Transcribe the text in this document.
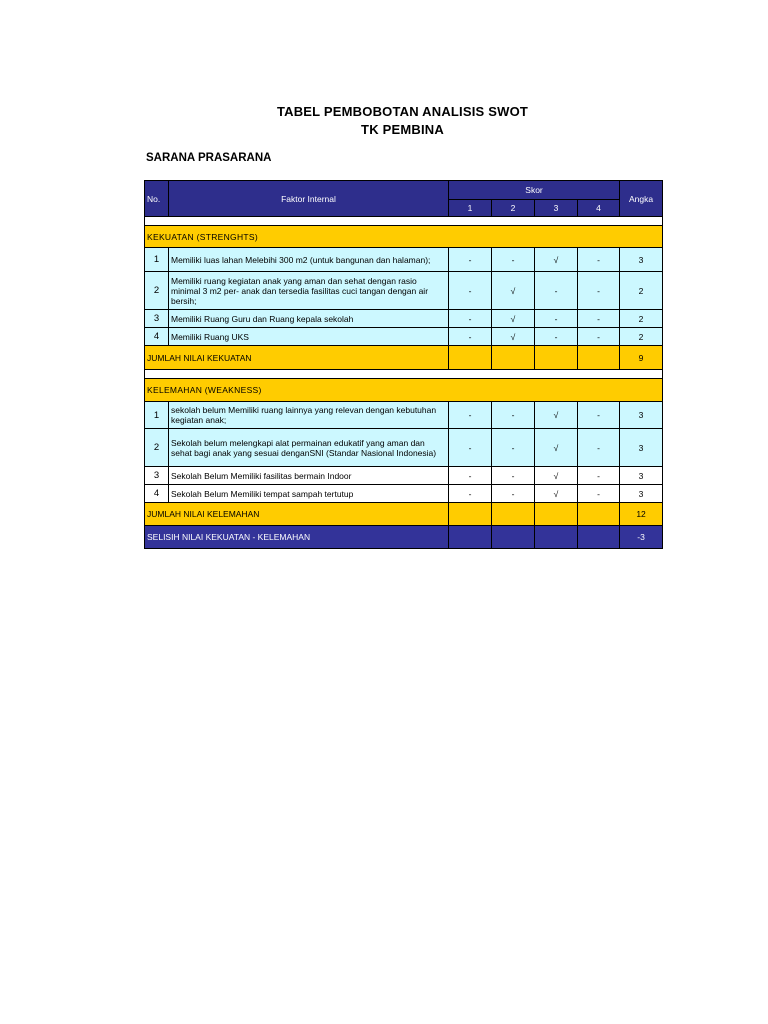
TABEL PEMBOBOTAN ANALISIS SWOT
TK PEMBINA
SARANA PRASARANA
No.	Faktor Internal	Skor				Angka
		1	2	3	4	

KEKUATAN (STRENGHTS)						
1	Memiliki luas lahan Melebihi 300 m2 (untuk bangunan dan halaman);	-	-	√	-	3
2	Memiliki ruang kegiatan anak yang aman dan sehat dengan rasio minimal 3 m2 per- anak dan tersedia fasilitas cuci tangan dengan air bersih;	-	√	-	-	2
3	Memiliki Ruang Guru dan Ruang kepala sekolah	-	√	-	-	2
4	Memiliki Ruang UKS	-	√	-	-	2
JUMLAH NILAI KEKUATAN						9

KELEMAHAN (WEAKNESS)						
1	sekolah belum Memiliki ruang lainnya yang relevan dengan kebutuhan kegiatan anak;	-	-	√	-	3
2	Sekolah belum melengkapi alat permainan edukatif yang aman dan sehat bagi anak yang sesuai denganSNI (Standar Nasional Indonesia)	-	-	√	-	3
3	Sekolah Belum Memiliki fasilitas bermain Indoor	-	-	√	-	3
4	Sekolah Belum Memiliki tempat sampah tertutup	-	-	√	-	3
JUMLAH NILAI KELEMAHAN						12
SELISIH NILAI KEKUATAN - KELEMAHAN						-3
